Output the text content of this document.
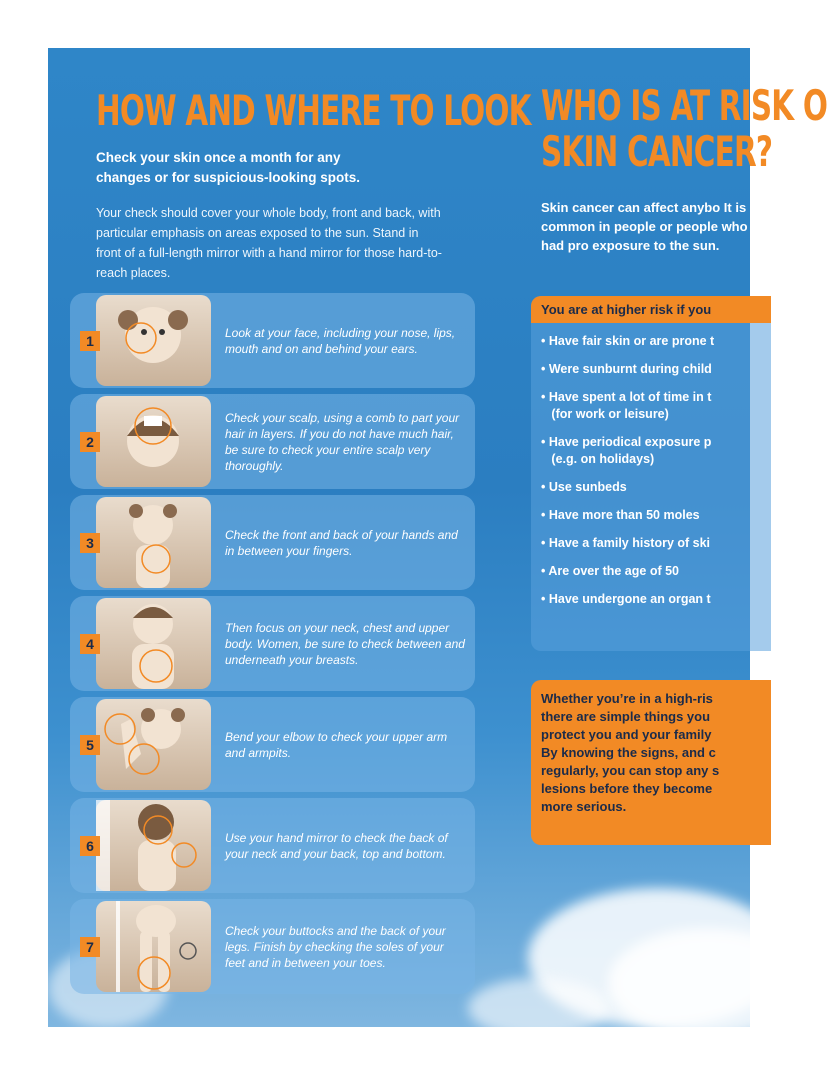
HOW AND WHERE TO LOOK

Check your skin once a month for any changes or for suspicious-looking spots.

Your check should cover your whole body, front and back, with particular emphasis on areas exposed to the sun. Stand in front of a full-length mirror with a hand mirror for those hard-to-reach places.

1
Look at your face, including your nose, lips, mouth and on and behind your ears.
2
Check your scalp, using a comb to part your hair in layers. If you do not have much hair, be sure to check your entire scalp very thoroughly.
3
Check the front and back of your hands and in between your fingers.
4
Then focus on your neck, chest and upper body. Women, be sure to check between and underneath your breasts.
5
Bend your elbow to check your upper arm and armpits.
6
Use your hand mirror to check the back of your neck and your back, top and bottom.
7
Check your buttocks and the back of your legs. Finish by checking the soles of your feet and in between your toes.
WHO IS AT RISK O
SKIN CANCER?

Skin cancer can affect anybo It is most common in people or people who have had pro exposure to the sun.

You are at higher risk if you
• Have fair skin or are prone t
• Were sunburnt during child
• Have spent a lot of time in t
(for work or leisure)
• Have periodical exposure p
(e.g. on holidays)
• Use sunbeds
• Have more than 50 moles
• Have a family history of ski
• Are over the age of 50
• Have undergone an organ t
Whether you’re in a high-ris
there are simple things you
protect you and your family
By knowing the signs, and c
regularly, you can stop any s
lesions before they become
more serious.
